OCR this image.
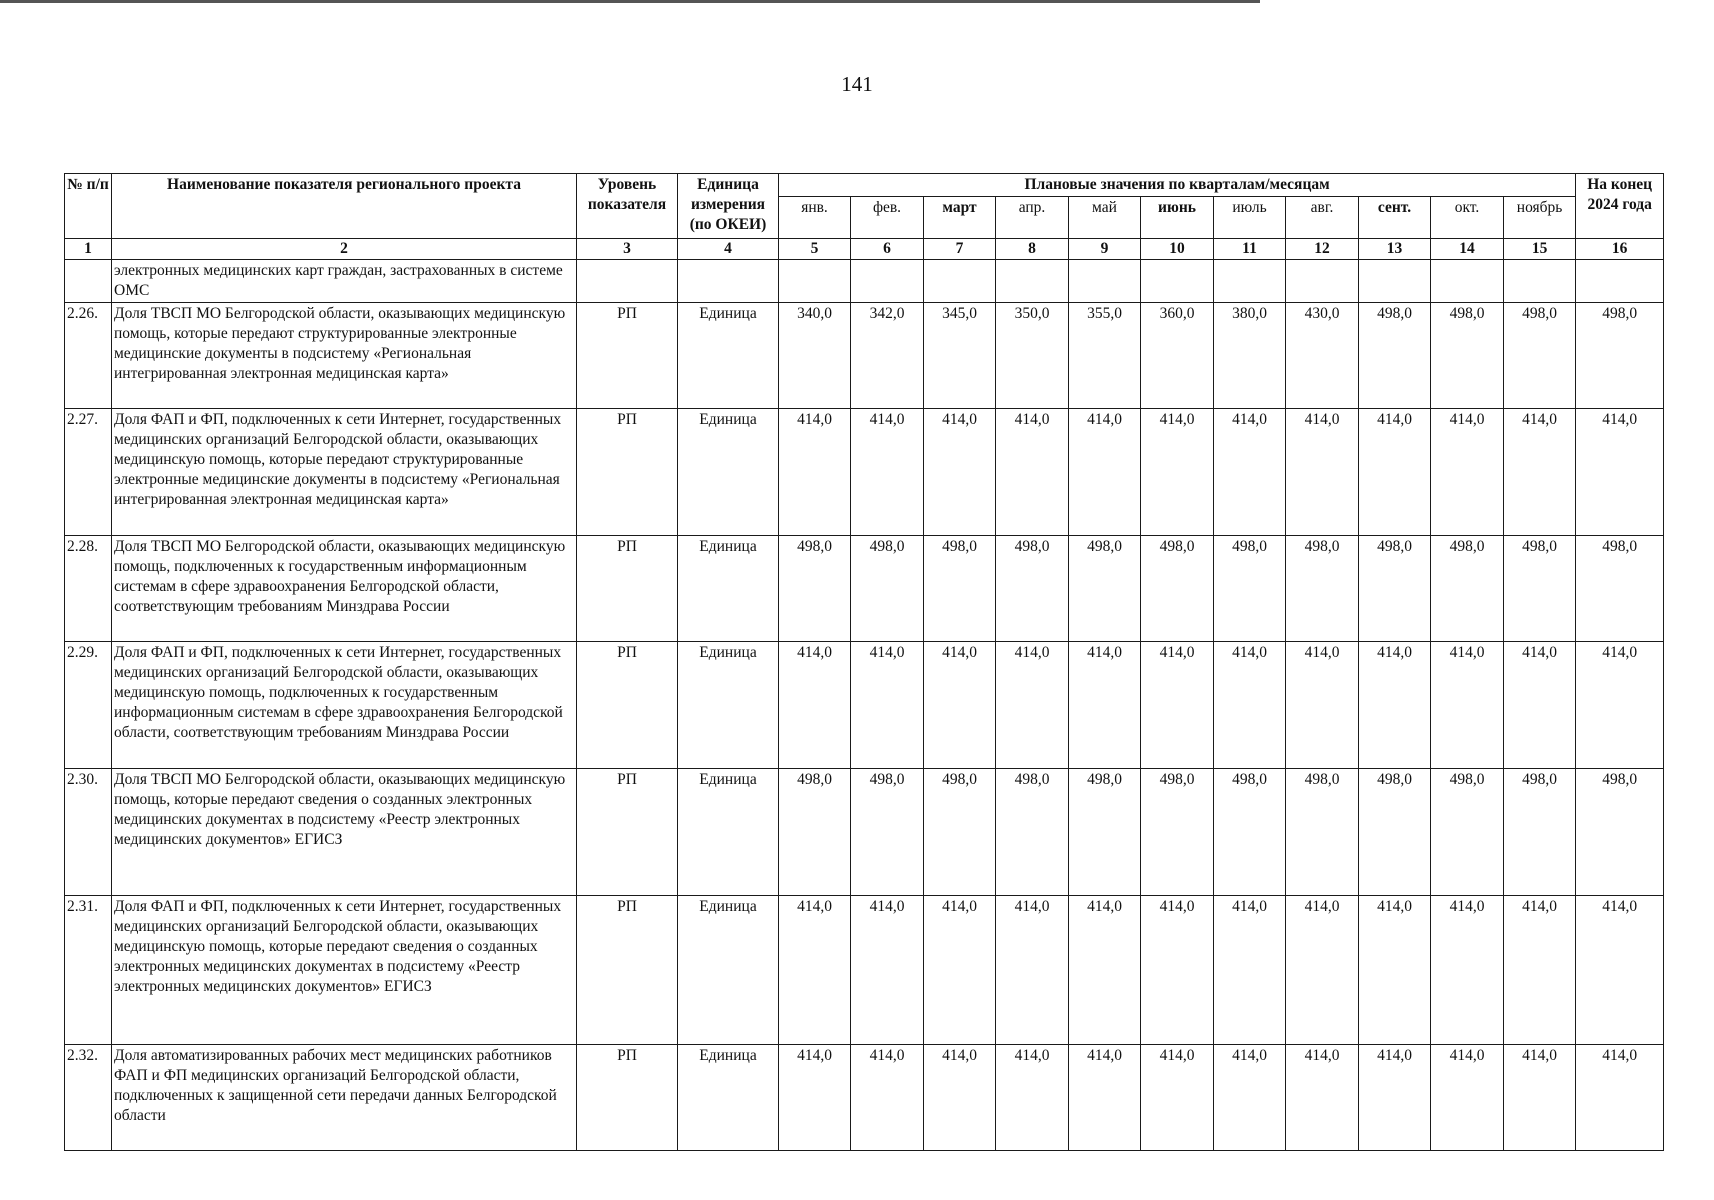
141
№ п/п	Наименование показателя регионального проекта	Уровень показателя	Единица измерения (по ОКЕИ)	Плановые значения по кварталам/месяцам											На конец 2024 года
				янв.	фев.	март	апр.	май	июнь	июль	авг.	сент.	окт.	ноябрь	
1	2	3	4	5	6	7	8	9	10	11	12	13	14	15	16
	электронных медицинских карт граждан, застрахованных в системе ОМС														
2.26.	Доля ТВСП МО Белгородской области, оказывающих медицинскую помощь, которые передают структурированные электронные медицинские документы в подсистему «Региональная интегрированная электронная медицинская карта»	РП	Единица	340,0	342,0	345,0	350,0	355,0	360,0	380,0	430,0	498,0	498,0	498,0	498,0
2.27.	Доля ФАП и ФП, подключенных к сети Интернет, государственных медицинских организаций Белгородской области, оказывающих медицинскую помощь, которые передают структурированные электронные медицинские документы в подсистему «Региональная интегрированная электронная медицинская карта»	РП	Единица	414,0	414,0	414,0	414,0	414,0	414,0	414,0	414,0	414,0	414,0	414,0	414,0
2.28.	Доля ТВСП МО Белгородской области, оказывающих медицинскую помощь, подключенных к государственным информационным системам в сфере здравоохранения Белгородской области, соответствующим требованиям Минздрава России	РП	Единица	498,0	498,0	498,0	498,0	498,0	498,0	498,0	498,0	498,0	498,0	498,0	498,0
2.29.	Доля ФАП и ФП, подключенных к сети Интернет, государственных медицинских организаций Белгородской области, оказывающих медицинскую помощь, подключенных к государственным информационным системам в сфере здравоохранения Белгородской области, соответствующим требованиям Минздрава России	РП	Единица	414,0	414,0	414,0	414,0	414,0	414,0	414,0	414,0	414,0	414,0	414,0	414,0
2.30.	Доля ТВСП МО Белгородской области, оказывающих медицинскую помощь, которые передают сведения о созданных электронных медицинских документах в подсистему «Реестр электронных медицинских документов» ЕГИСЗ	РП	Единица	498,0	498,0	498,0	498,0	498,0	498,0	498,0	498,0	498,0	498,0	498,0	498,0
2.31.	Доля ФАП и ФП, подключенных к сети Интернет, государственных медицинских организаций Белгородской области, оказывающих медицинскую помощь, которые передают сведения о созданных электронных медицинских документах в подсистему «Реестр электронных медицинских документов» ЕГИСЗ	РП	Единица	414,0	414,0	414,0	414,0	414,0	414,0	414,0	414,0	414,0	414,0	414,0	414,0
2.32.	Доля автоматизированных рабочих мест медицинских работников ФАП и ФП медицинских организаций Белгородской области, подключенных к защищенной сети передачи данных Белгородской области	РП	Единица	414,0	414,0	414,0	414,0	414,0	414,0	414,0	414,0	414,0	414,0	414,0	414,0
